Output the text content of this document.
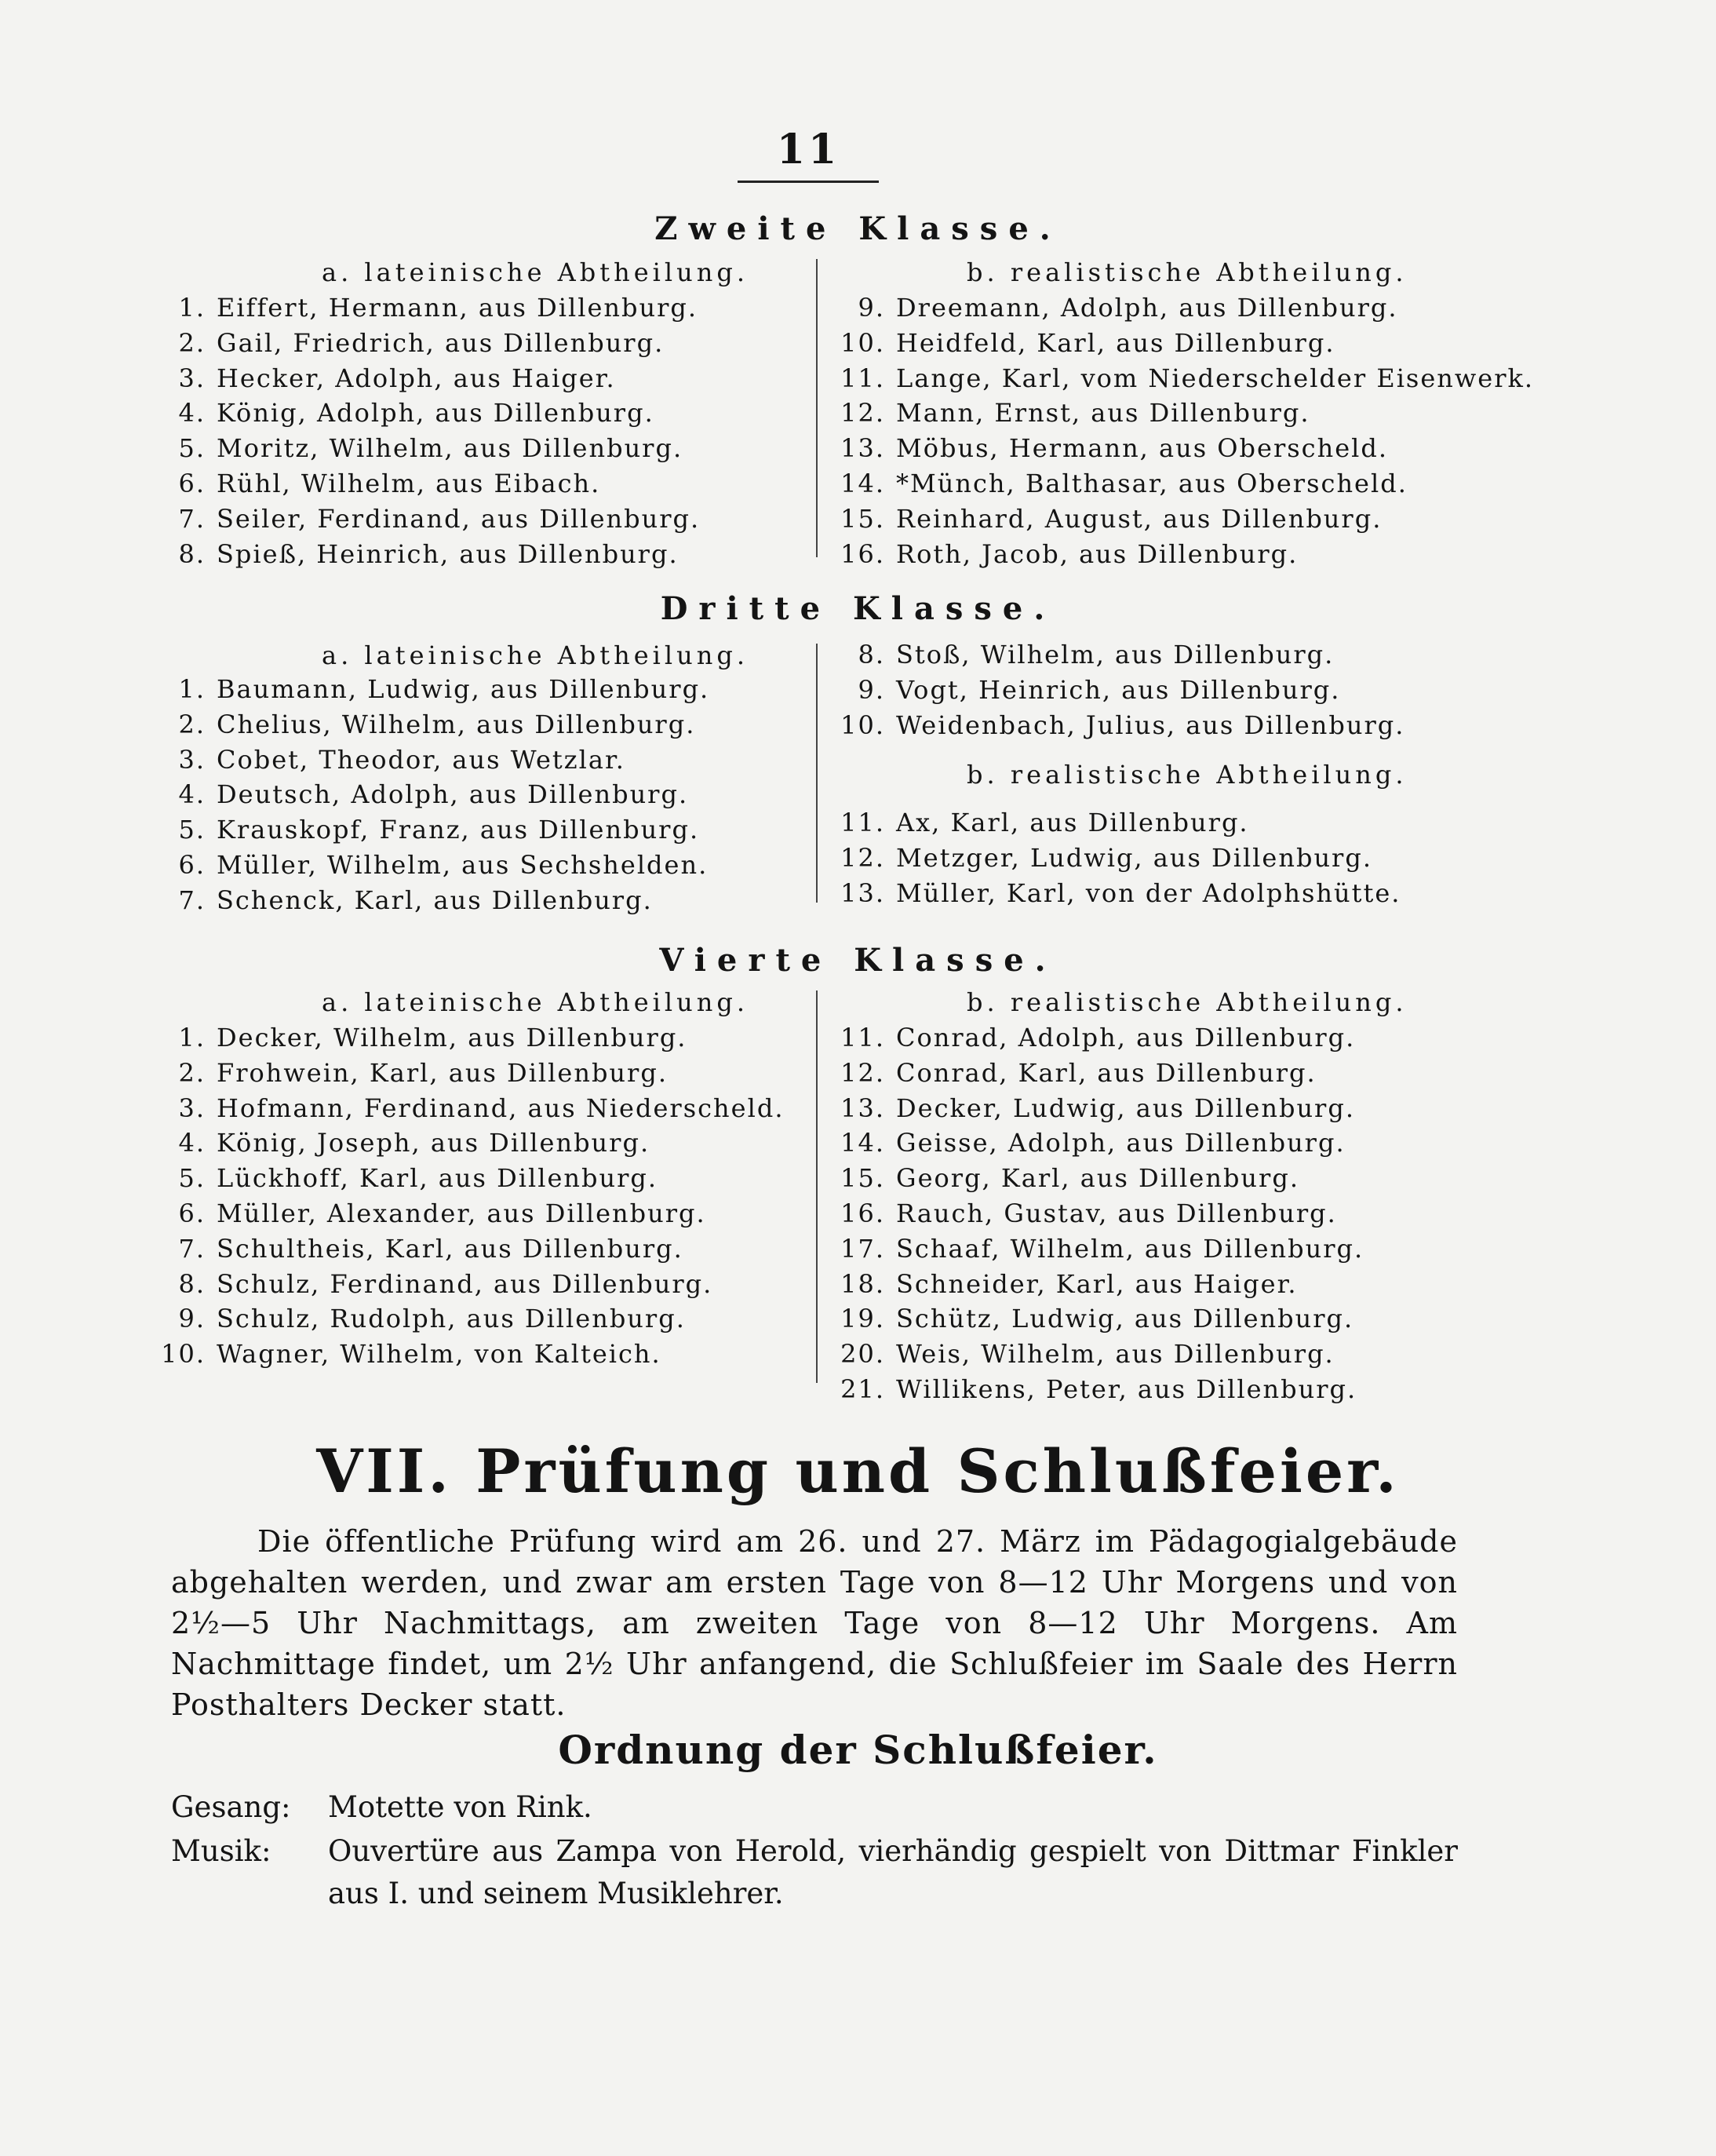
11
Zweite Klasse.
a. lateinische Abtheilung.	b. realistische Abtheilung.
1. Eiffert, Hermann, aus Dillenburg.
2. Gail, Friedrich, aus Dillenburg.
3. Hecker, Adolph, aus Haiger.
4. König, Adolph, aus Dillenburg.
5. Moritz, Wilhelm, aus Dillenburg.
6. Rühl, Wilhelm, aus Eibach.
7. Seiler, Ferdinand, aus Dillenburg.
8. Spieß, Heinrich, aus Dillenburg.
9. Dreemann, Adolph, aus Dillenburg.
10. Heidfeld, Karl, aus Dillenburg.
11. Lange, Karl, vom Niederschelder Eisenwerk.
12. Mann, Ernst, aus Dillenburg.
13. Möbus, Hermann, aus Oberscheld.
14. *Münch, Balthasar, aus Oberscheld.
15. Reinhard, August, aus Dillenburg.
16. Roth, Jacob, aus Dillenburg.
Dritte Klasse.
a. lateinische Abtheilung.
1. Baumann, Ludwig, aus Dillenburg.
2. Chelius, Wilhelm, aus Dillenburg.
3. Cobet, Theodor, aus Wetzlar.
4. Deutsch, Adolph, aus Dillenburg.
5. Krauskopf, Franz, aus Dillenburg.
6. Müller, Wilhelm, aus Sechshelden.
7. Schenck, Karl, aus Dillenburg.
8. Stoß, Wilhelm, aus Dillenburg.
9. Vogt, Heinrich, aus Dillenburg.
10. Weidenbach, Julius, aus Dillenburg.
b. realistische Abtheilung.
11. Ax, Karl, aus Dillenburg.
12. Metzger, Ludwig, aus Dillenburg.
13. Müller, Karl, von der Adolphshütte.
Vierte Klasse.
a. lateinische Abtheilung.	b. realistische Abtheilung.
1. Decker, Wilhelm, aus Dillenburg.
2. Frohwein, Karl, aus Dillenburg.
3. Hofmann, Ferdinand, aus Niederscheld.
4. König, Joseph, aus Dillenburg.
5. Lückhoff, Karl, aus Dillenburg.
6. Müller, Alexander, aus Dillenburg.
7. Schultheis, Karl, aus Dillenburg.
8. Schulz, Ferdinand, aus Dillenburg.
9. Schulz, Rudolph, aus Dillenburg.
10. Wagner, Wilhelm, von Kalteich.
11. Conrad, Adolph, aus Dillenburg.
12. Conrad, Karl, aus Dillenburg.
13. Decker, Ludwig, aus Dillenburg.
14. Geisse, Adolph, aus Dillenburg.
15. Georg, Karl, aus Dillenburg.
16. Rauch, Gustav, aus Dillenburg.
17. Schaaf, Wilhelm, aus Dillenburg.
18. Schneider, Karl, aus Haiger.
19. Schütz, Ludwig, aus Dillenburg.
20. Weis, Wilhelm, aus Dillenburg.
21. Willikens, Peter, aus Dillenburg.
VII. Prüfung und Schlußfeier.
Die öffentliche Prüfung wird am 26. und 27. März im Pädagogialgebäude abgehalten werden, und zwar am ersten Tage von 8—12 Uhr Morgens und von 2½—5 Uhr Nachmittags, am zweiten Tage von 8—12 Uhr Morgens. Am Nachmittage findet, um 2½ Uhr anfangend, die Schlußfeier im Saale des Herrn Posthalters Decker statt.
Ordnung der Schlußfeier.
Gesang: Motette von Rink.
Musik:	Ouvertüre aus Zampa von Herold, vierhändig gespielt von Dittmar Finkler aus I. und seinem Musiklehrer.
